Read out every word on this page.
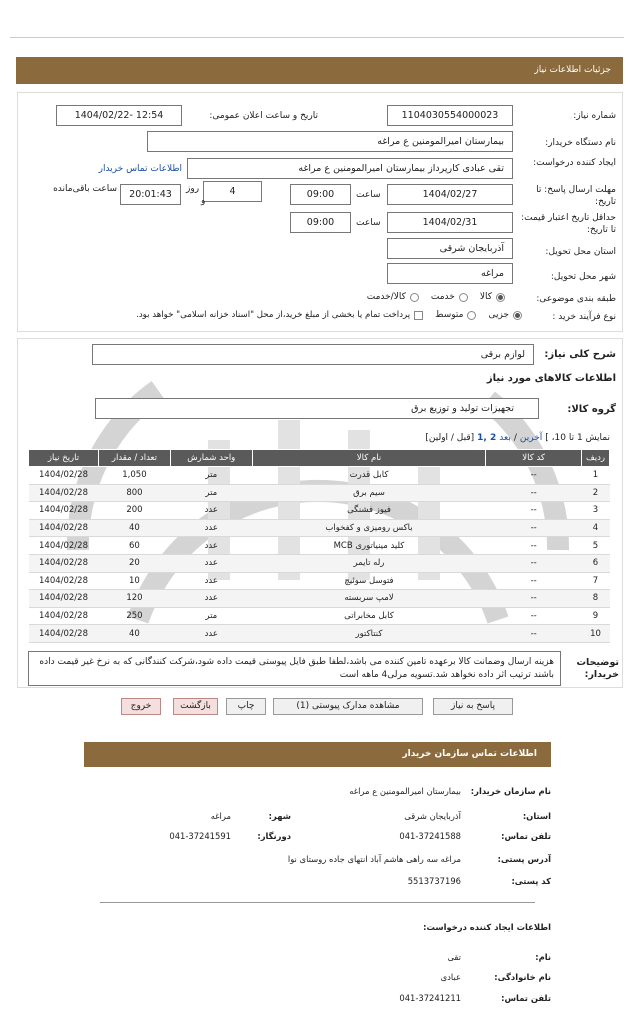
جزئیات اطلاعات نیاز
شماره نیاز:
1104030554000023
تاریخ و ساعت اعلان عمومی:
1404/02/22- 12:54
نام دستگاه خریدار:
بیمارستان امیرالمومنین ع مراغه
ایجاد کننده درخواست:
تقی عبادی کارپرداز بیمارستان امیرالمومنین ع مراغه
اطلاعات تماس خریدار
مهلت ارسال پاسخ: تا تاریخ:
1404/02/27
ساعت
09:00
4
روز
و
20:01:43
ساعت باقی‌مانده
حداقل تاریخ اعتبار قیمت: تا تاریخ:
1404/02/31
ساعت
09:00
استان محل تحویل:
آذربایجان شرقی
شهر محل تحویل:
مراغه
طبقه بندی موضوعی:
کالا
خدمت
کالا/خدمت
نوع فرآیند خرید :
جزیی
متوسط
پرداخت تمام یا بخشی از مبلغ خرید،از محل "اسناد خزانه اسلامی" خواهد بود.
شرح کلی نیاز:
لوازم برقی
اطلاعات کالاهای مورد نیاز
گروه کالا:
تجهیزات تولید و توزیع برق
نمایش 1 تا 10، ]
آخرین
/
بعد
2 ,1
[قبل / اولین]
ردیف	کد کالا	نام کالا	واحد شمارش	تعداد / مقدار	تاریخ نیاز
1	--	کابل قدرت	متر	1,050	1404/02/28
2	--	سیم برق	متر	800	1404/02/28
3	--	فیوز فشنگی	عدد	200	1404/02/28
4	--	باکس رومیزی و کفخواب	عدد	40	1404/02/28
5	--	کلید مینیاتوری MCB	عدد	60	1404/02/28
6	--	رله تایمر	عدد	20	1404/02/28
7	--	فتوسل سوئیچ	عدد	10	1404/02/28
8	--	لامپ سربسته	عدد	120	1404/02/28
9	--	کابل مخابراتی	متر	250	1404/02/28
10	--	کنتاکتور	عدد	40	1404/02/28
توضیحات خریدار:
هزینه ارسال وضمانت کالا برعهده تامین کننده می باشد،لطفا طبق فایل پیوستی قیمت داده شود،شرکت کنندگانی که به نرخ غیر قیمت داده باشند ترتیب اثر داده نخواهد شد.تسویه مرلی4 ماهه است
پاسخ به نیاز
مشاهده مدارک پیوستی (1)
چاپ
بازگشت
خروج
اطلاعات تماس سازمان خریدار
نام سازمان خریدار:
بیمارستان امیرالمومنین ع مراغه
استان:
آذربایجان شرقی
شهر:
مراغه
تلفن تماس:
041-37241588
دورنگار:
041-37241591
آدرس پستی:
مراغه سه راهی هاشم آباد انتهای جاده روستای نوا
کد پستی:
5513737196
اطلاعات ایجاد کننده درخواست:
نام:
تقی
نام خانوادگی:
عبادی
تلفن تماس:
041-37241211
